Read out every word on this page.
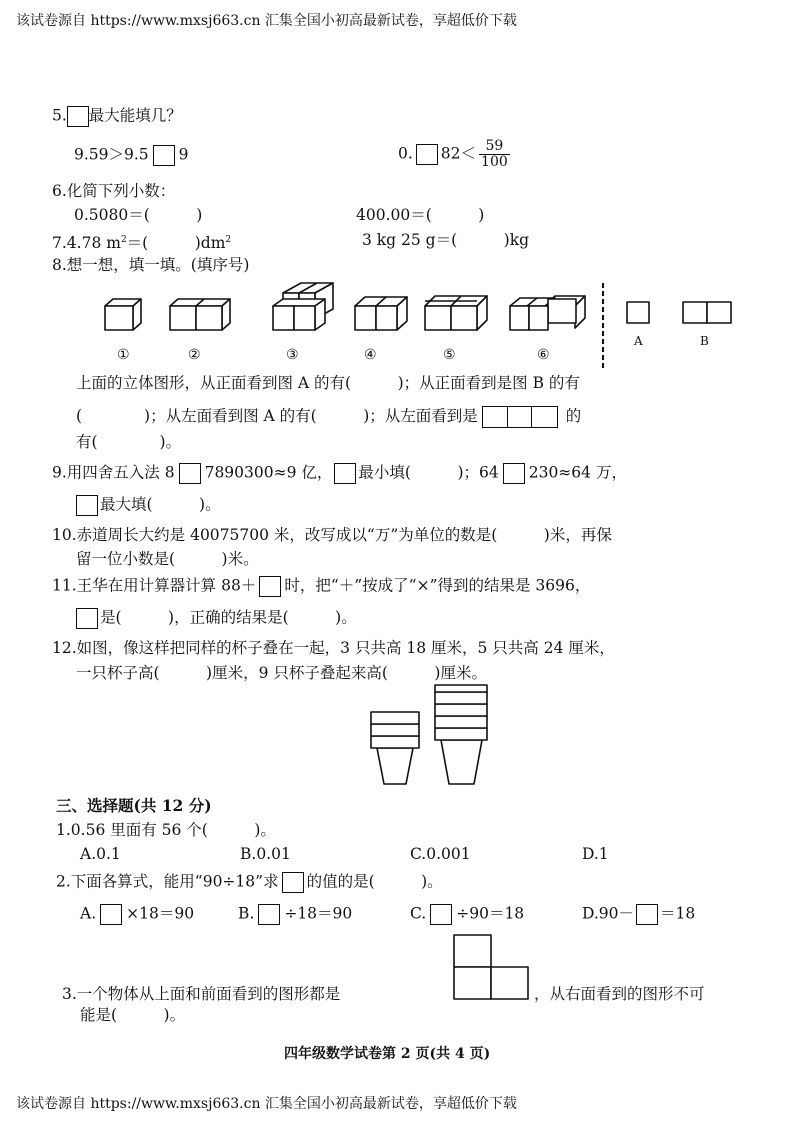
该试卷源自 https://www.mxsj663.cn 汇集全国小初高最新试卷，享超低价下载
5. 最大能填几？
9.59＞9.5 9	0. $82< \frac{59}{100}$
6.化简下列小数：
0.5080＝(　　　)	400.00＝(　　　)
7.4.78 $m^2=$(　　　)$dm^2$	3 kg 25 g＝(　　　)kg
8.想一想，填一填。(填序号)
①	②	③	④	⑤	⑥
A	B
上面的立体图形，从正面看到图 A 的有(　　　)；从正面看到是图 B 的有
(　　　　)；从左面看到图 A 的有(　　　)；从左面看到是	的
有(　　　　)。
9.用四舍五入法 8 7890300≈9 亿， 最小填(　　　)；64 230≈64 万，
最大填(　　　)。
10.赤道周长大约是 40075700 米，改写成以“万”为单位的数是(　　　)米，再保
留一位小数是(　　　)米。
11.王华在用计算器计算 88＋ 时，把“＋”按成了“×”得到的结果是 3696，
是(　　　)，正确的结果是(　　　)。
12.如图，像这样把同样的杯子叠在一起，3 只共高 18 厘米，5 只共高 24 厘米，
一只杯子高(　　　)厘米，9 只杯子叠起来高(　　　)厘米。
三、选择题(共 12 分)
1.0.56 里面有 56 个(　　　)。
A.0.1	B.0.01	C.0.001	D.1
2.下面各算式，能用“90÷18”求 的值的是(　　　)。
A. ×18＝90	B. ÷18＝90	C. ÷90＝18	D.90－ ＝18
3.一个物体从上面和前面看到的图形都是	，从右面看到的图形不可
能是(　　　)。
四年级数学试卷第 2 页(共 4 页)
该试卷源自 https://www.mxsj663.cn 汇集全国小初高最新试卷，享超低价下载
